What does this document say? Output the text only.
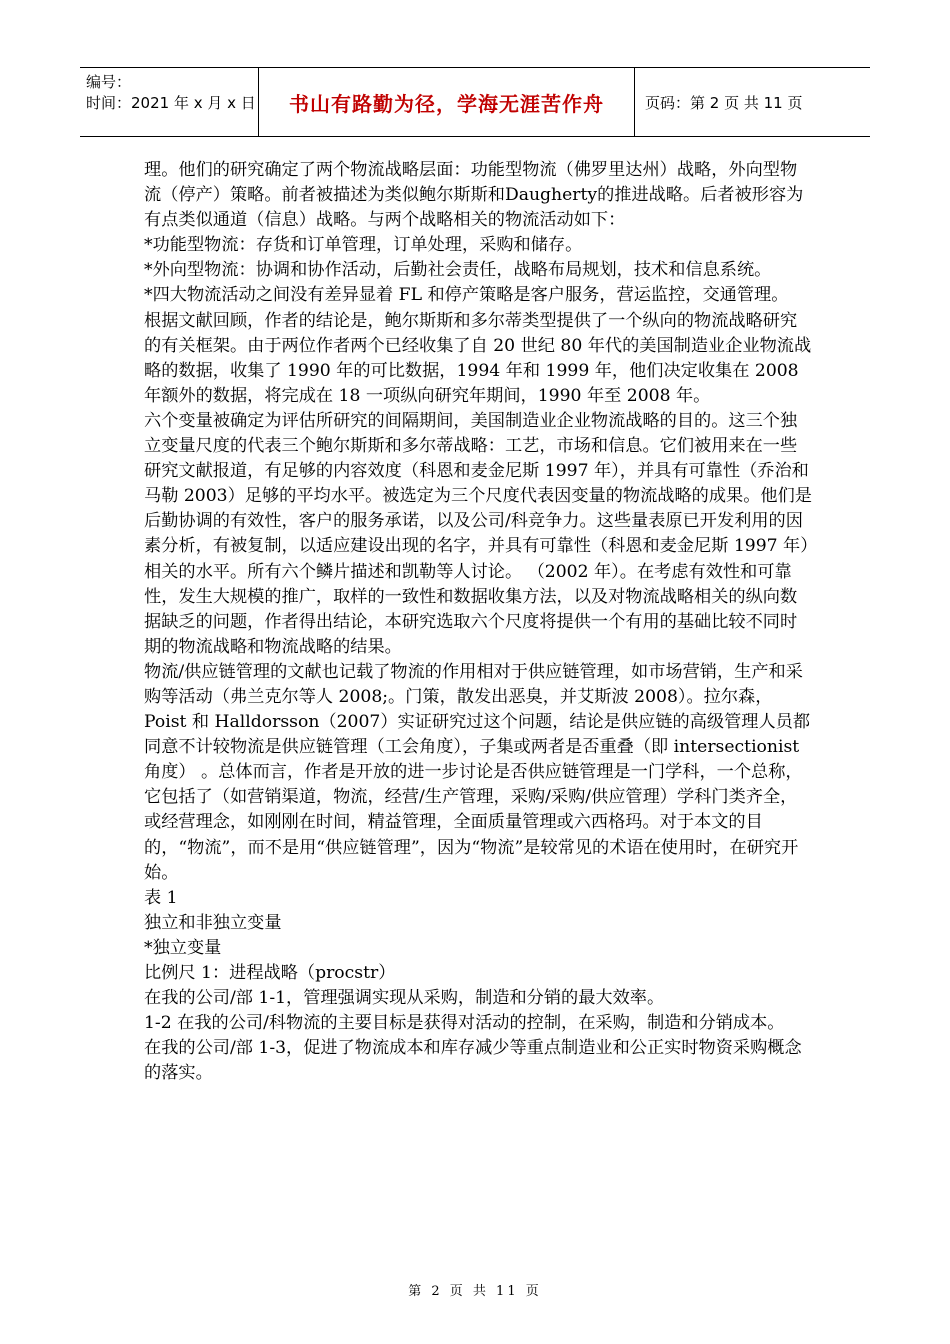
编号：
时间：2021 年 x 月 x 日	书山有路勤为径，学海无涯苦作舟	页码：第 2 页 共 11 页

理。他们的研究确定了两个物流战略层面：功能型物流（佛罗里达州）战略，外向型物流（停产）策略。前者被描述为类似鲍尔斯斯和Daugherty的推进战略。后者被形容为有点类似通道（信息）战略。与两个战略相关的物流活动如下：

*功能型物流：存货和订单管理，订单处理，采购和储存。

*外向型物流：协调和协作活动，后勤社会责任，战略布局规划，技术和信息系统。

*四大物流活动之间没有差异显着 FL 和停产策略是客户服务，营运监控，交通管理。

根据文献回顾，作者的结论是，鲍尔斯斯和多尔蒂类型提供了一个纵向的物流战略研究的有关框架。由于两位作者两个已经收集了自 20 世纪 80 年代的美国制造业企业物流战略的数据，收集了 1990 年的可比数据，1994 年和 1999 年，他们决定收集在 2008 年额外的数据，将完成在 18 一项纵向研究年期间，1990 年至 2008 年。

六个变量被确定为评估所研究的间隔期间，美国制造业企业物流战略的目的。这三个独立变量尺度的代表三个鲍尔斯斯和多尔蒂战略：工艺，市场和信息。它们被用来在一些研究文献报道，有足够的内容效度（科恩和麦金尼斯 1997 年），并具有可靠性（乔治和马勒 2003）足够的平均水平。被选定为三个尺度代表因变量的物流战略的成果。他们是后勤协调的有效性，客户的服务承诺，以及公司/科竞争力。这些量表原已开发利用的因素分析，有被复制，以适应建设出现的名字，并具有可靠性（科恩和麦金尼斯 1997 年）相关的水平。所有六个鳞片描述和凯勒等人讨论。 （2002 年）。在考虑有效性和可靠性，发生大规模的推广，取样的一致性和数据收集方法，以及对物流战略相关的纵向数据缺乏的问题，作者得出结论，本研究选取六个尺度将提供一个有用的基础比较不同时期的物流战略和物流战略的结果。

物流/供应链管理的文献也记载了物流的作用相对于供应链管理，如市场营销，生产和采购等活动（弗兰克尔等人 2008;。门策，散发出恶臭，并艾斯波 2008）。拉尔森，Poist 和 Halldorsson（2007）实证研究过这个问题，结论是供应链的高级管理人员都同意不计较物流是供应链管理（工会角度），子集或两者是否重叠（即 intersectionist 角度） 。总体而言，作者是开放的进一步讨论是否供应链管理是一门学科，一个总称，它包括了（如营销渠道，物流，经营/生产管理，采购/采购/供应管理）学科门类齐全，或经营理念，如刚刚在时间，精益管理，全面质量管理或六西格玛。对于本文的目的，“物流”，而不是用“供应链管理”，因为“物流”是较常见的术语在使用时，在研究开始。

表 1

独立和非独立变量

*独立变量

比例尺 1：进程战略（procstr）

在我的公司/部 1-1，管理强调实现从采购，制造和分销的最大效率。

1-2 在我的公司/科物流的主要目标是获得对活动的控制，在采购，制造和分销成本。

在我的公司/部 1-3，促进了物流成本和库存减少等重点制造业和公正实时物资采购概念的落实。

第 2 页 共 11 页
